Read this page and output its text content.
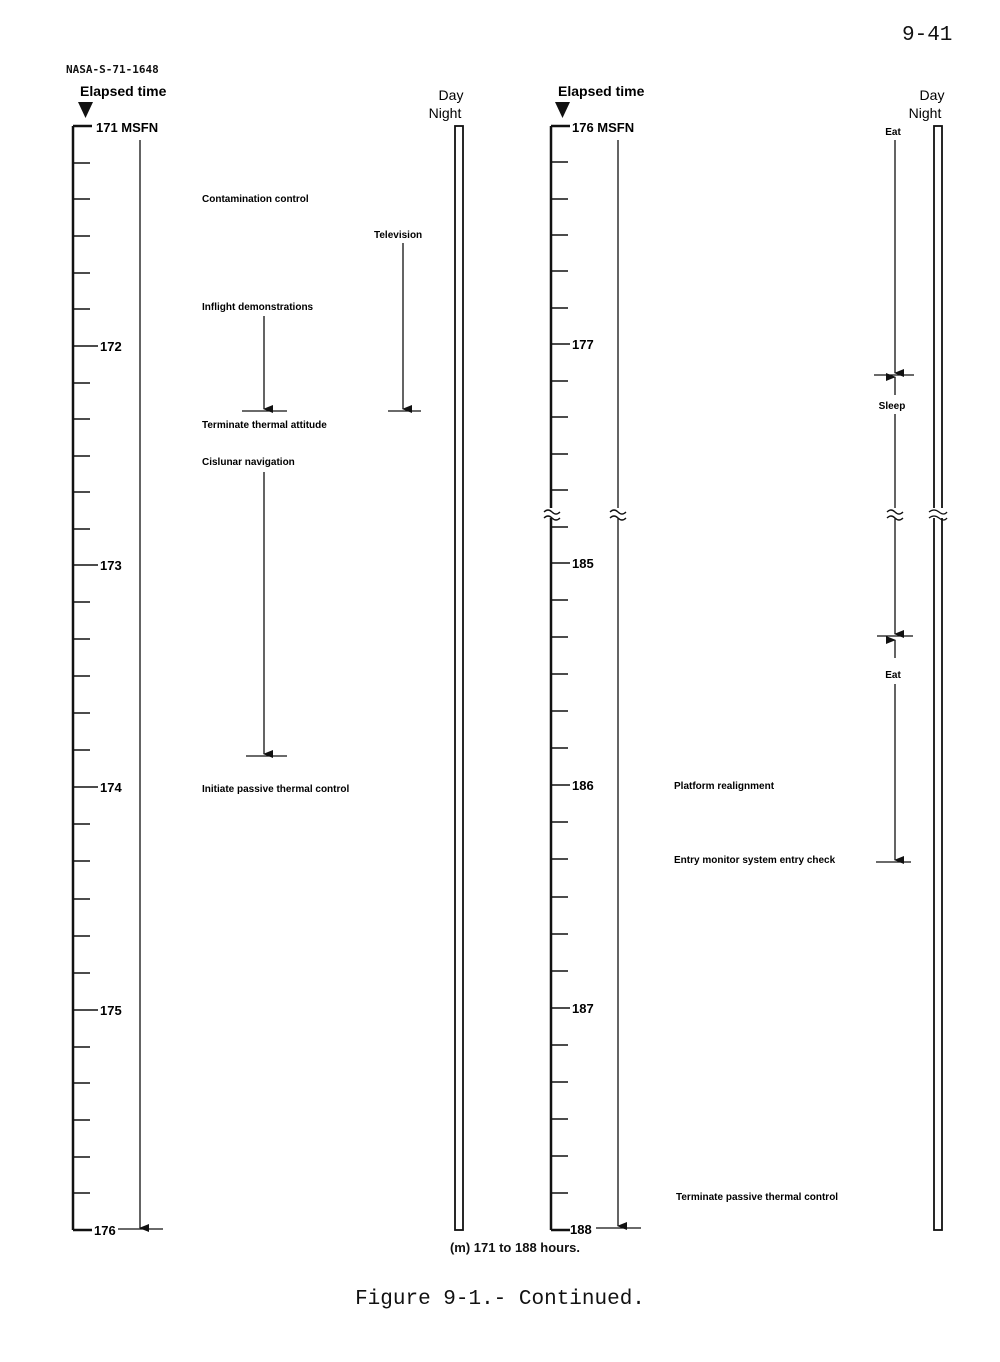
9-41
NASA-S-71-1648
Elapsed time
171 MSFN
172
173
174
175
176
Contamination control
Television
Inflight demonstrations
Terminate thermal attitude
Cislunar navigation
Initiate passive thermal control
Day
Night
Elapsed time
176 MSFN
177
185
186
187
188
Platform realignment
Entry monitor system entry check
Terminate passive thermal control
Eat
Sleep
Eat
Day
Night
(m) 171 to 188 hours.
Figure 9-1.- Continued.
